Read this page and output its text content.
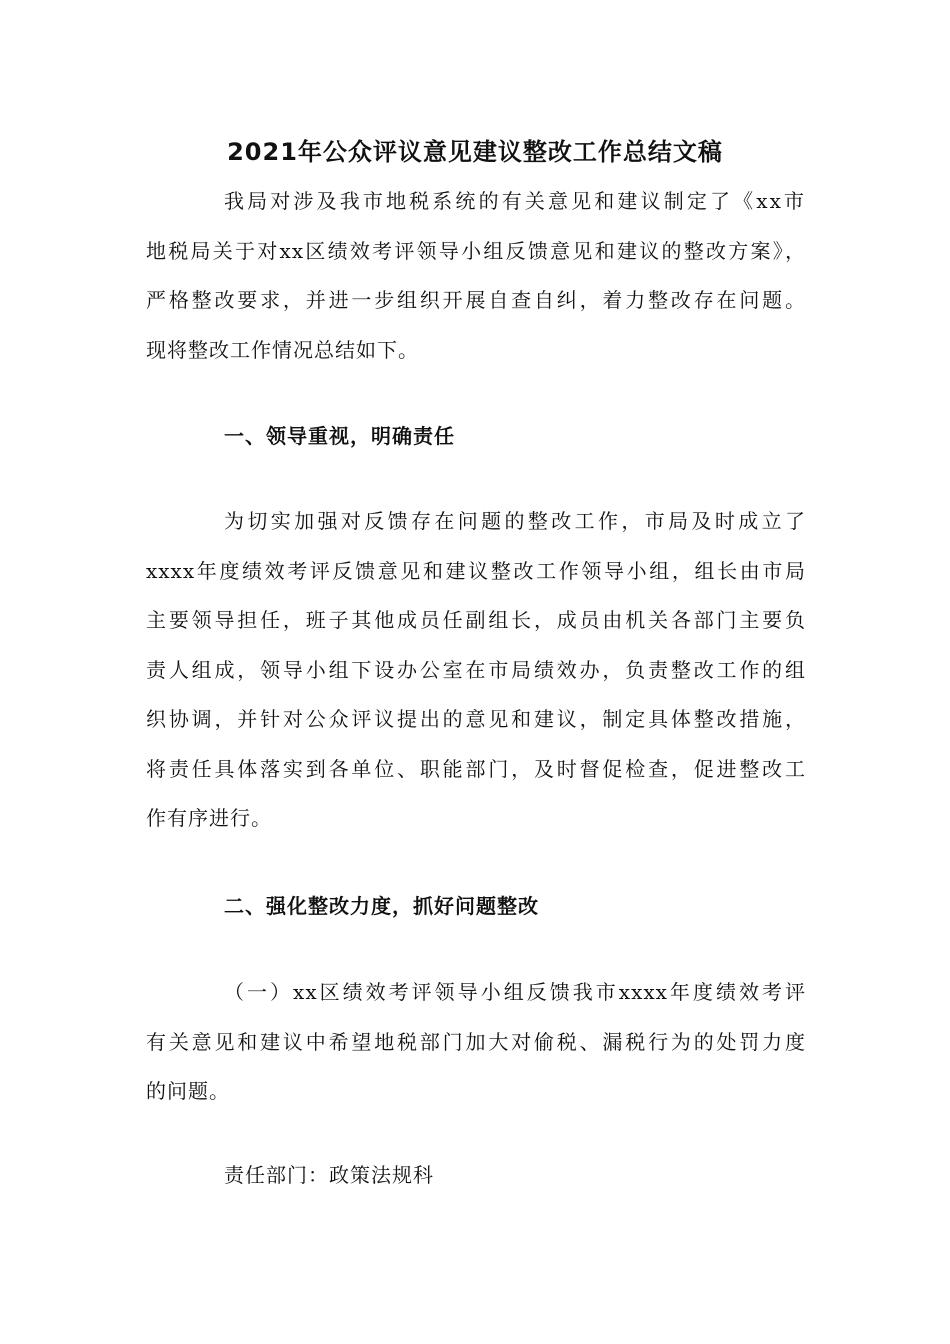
2021年公众评议意见建议整改工作总结文稿
我局对涉及我市地税系统的有关意见和建议制定了《xx市
地税局关于对xx区绩效考评领导小组反馈意见和建议的整改方案》，
严格整改要求，并进一步组织开展自查自纠，着力整改存在问题。
现将整改工作情况总结如下。
一、领导重视，明确责任
为切实加强对反馈存在问题的整改工作，市局及时成立了
xxxx年度绩效考评反馈意见和建议整改工作领导小组，组长由市局
主要领导担任，班子其他成员任副组长，成员由机关各部门主要负
责人组成，领导小组下设办公室在市局绩效办，负责整改工作的组
织协调，并针对公众评议提出的意见和建议，制定具体整改措施，
将责任具体落实到各单位、职能部门，及时督促检查，促进整改工
作有序进行。
二、强化整改力度，抓好问题整改
（一）xx区绩效考评领导小组反馈我市xxxx年度绩效考评
有关意见和建议中希望地税部门加大对偷税、漏税行为的处罚力度
的问题。

责任部门：政策法规科
